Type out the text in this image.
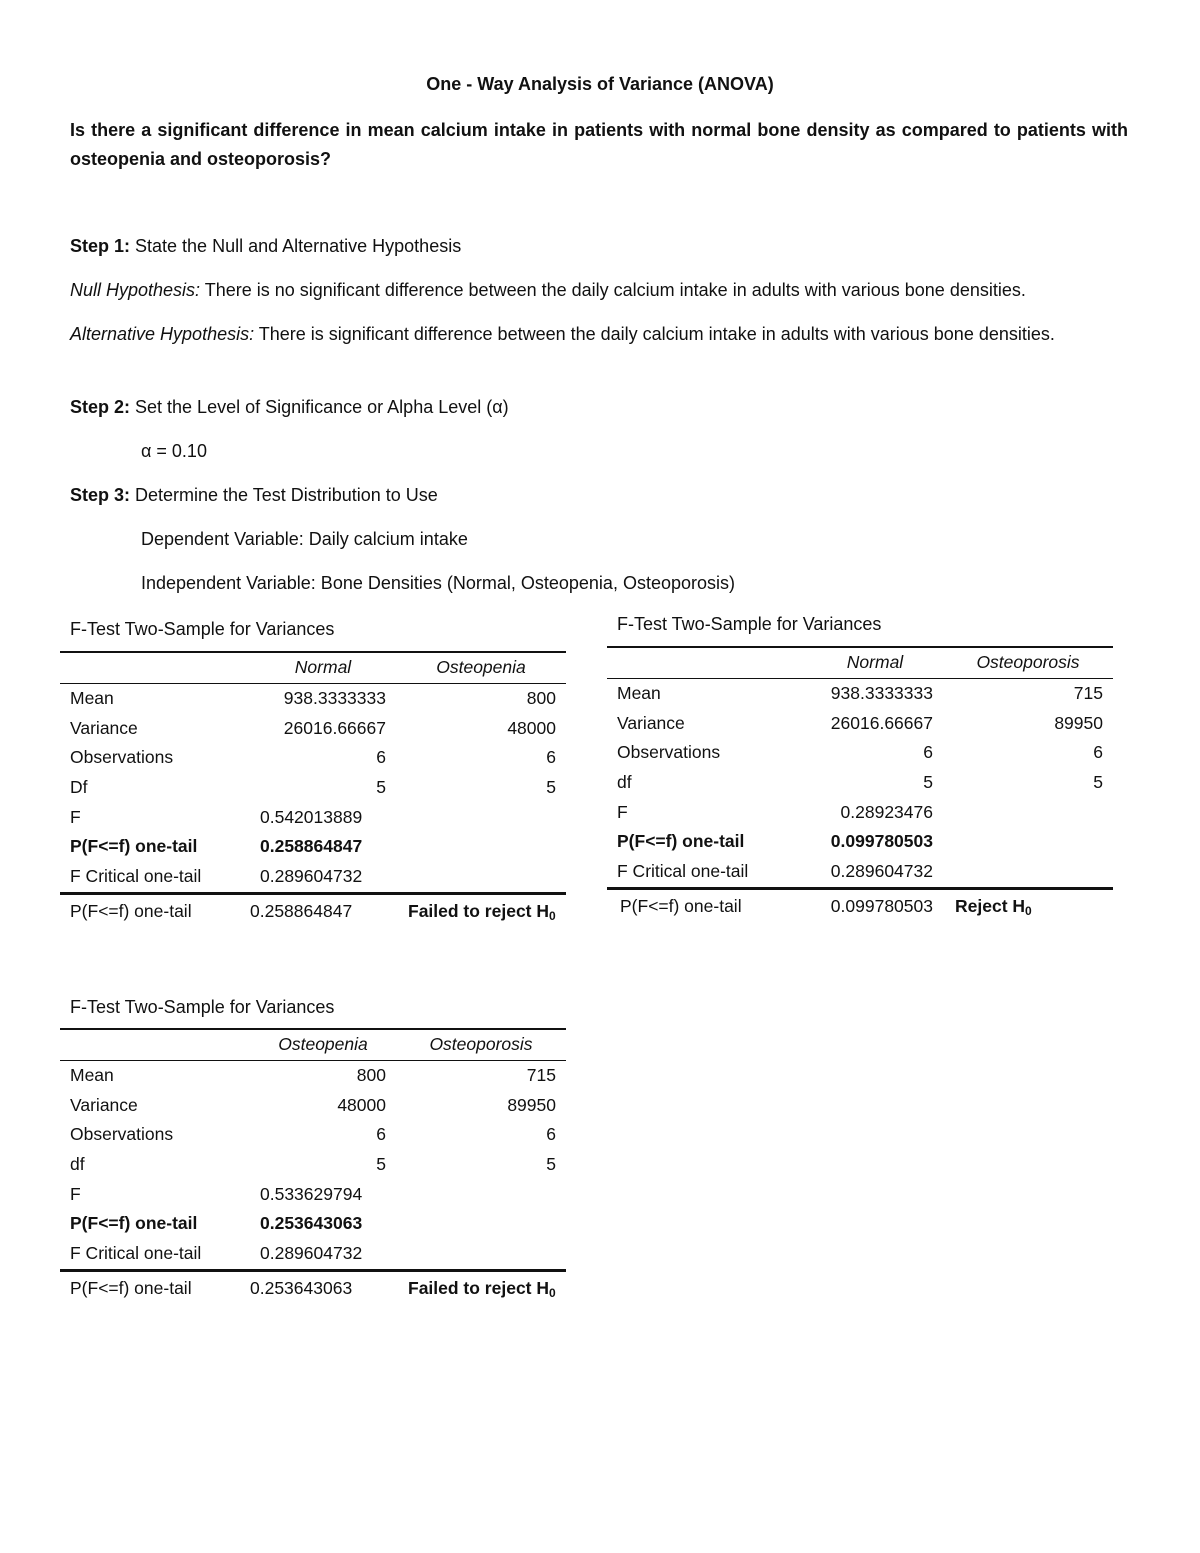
One - Way Analysis of Variance (ANOVA)
Is there a significant difference in mean calcium intake in patients with normal bone density as compared to patients with osteopenia and osteoporosis?
Step 1: State the Null and Alternative Hypothesis
Null Hypothesis: There is no significant difference between the daily calcium intake in adults with various bone densities.
Alternative Hypothesis: There is significant difference between the daily calcium intake in adults with various bone densities.
Step 2: Set the Level of Significance or Alpha Level (α)
α = 0.10
Step 3: Determine the Test Distribution to Use
Dependent Variable: Daily calcium intake
Independent Variable: Bone Densities (Normal, Osteopenia, Osteoporosis)
F-Test Two-Sample for Variances
	Normal	Osteopenia
Mean	938.3333333	800
Variance	26016.66667	48000
Observations	6	6
Df	5	5
F	0.542013889	
P(F<=f) one-tail	0.258864847	
F Critical one-tail	0.289604732	
P(F<=f) one-tail	0.258864847	Failed to reject H0
F-Test Two-Sample for Variances
	Normal	Osteoporosis
Mean	938.3333333	715
Variance	26016.66667	89950
Observations	6	6
df	5	5
F	0.28923476	
P(F<=f) one-tail	0.099780503	
F Critical one-tail	0.289604732	
P(F<=f) one-tail	0.099780503	Reject H0
F-Test Two-Sample for Variances
	Osteopenia	Osteoporosis
Mean	800	715
Variance	48000	89950
Observations	6	6
df	5	5
F	0.533629794	
P(F<=f) one-tail	0.253643063	
F Critical one-tail	0.289604732	
P(F<=f) one-tail	0.253643063	Failed to reject H0
